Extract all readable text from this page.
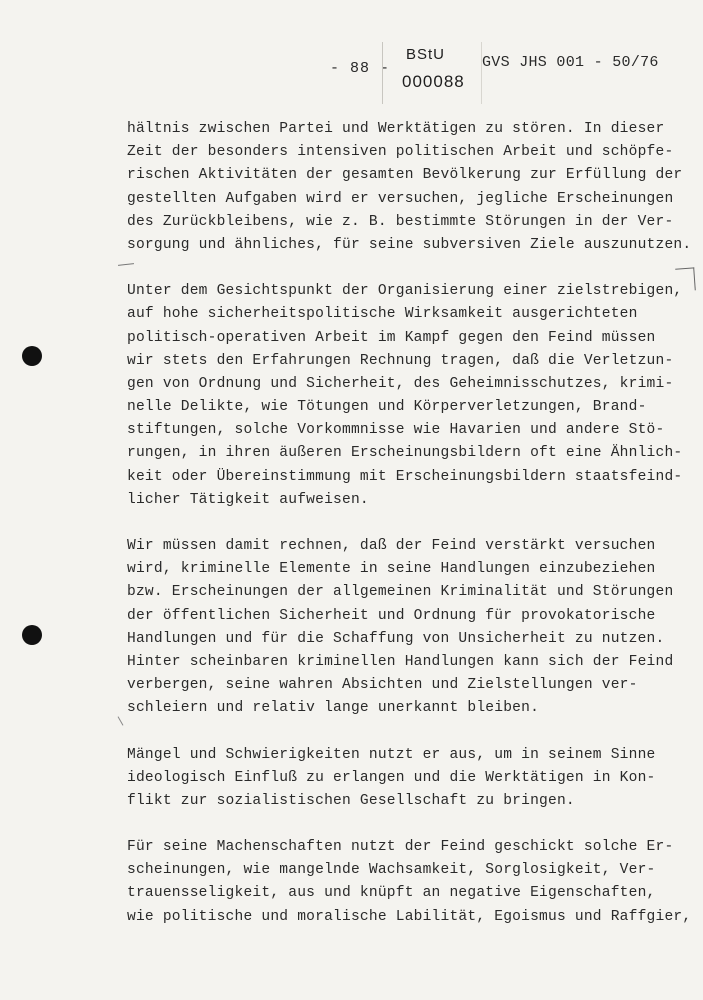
- 88 -
BStU
000088
GVS JHS 001 - 50/76
hältnis zwischen Partei und Werktätigen zu stören. In dieser
Zeit der besonders intensiven politischen Arbeit und schöpfe-
rischen Aktivitäten der gesamten Bevölkerung zur Erfüllung der
gestellten Aufgaben wird er versuchen, jegliche Erscheinungen
des Zurückbleibens, wie z. B. bestimmte Störungen in der Ver-
sorgung und ähnliches, für seine subversiven Ziele auszunutzen.
Unter dem Gesichtspunkt der Organisierung einer zielstrebigen,
auf hohe sicherheitspolitische Wirksamkeit ausgerichteten
politisch-operativen Arbeit im Kampf gegen den Feind müssen
wir stets den Erfahrungen Rechnung tragen, daß die Verletzun-
gen von Ordnung und Sicherheit, des Geheimnisschutzes, krimi-
nelle Delikte, wie Tötungen und Körperverletzungen, Brand-
stiftungen, solche Vorkommnisse wie Havarien und andere Stö-
rungen, in ihren äußeren Erscheinungsbildern oft eine Ähnlich-
keit oder Übereinstimmung mit Erscheinungsbildern staatsfeind-
licher Tätigkeit aufweisen.
Wir müssen damit rechnen, daß der Feind verstärkt versuchen
wird, kriminelle Elemente in seine Handlungen einzubeziehen
bzw. Erscheinungen der allgemeinen Kriminalität und Störungen
der öffentlichen Sicherheit und Ordnung für provokatorische
Handlungen und für die Schaffung von Unsicherheit zu nutzen.
Hinter scheinbaren kriminellen Handlungen kann sich der Feind
verbergen, seine wahren Absichten und Zielstellungen ver-
schleiern und relativ lange unerkannt bleiben.
Mängel und Schwierigkeiten nutzt er aus, um in seinem Sinne
ideologisch Einfluß zu erlangen und die Werktätigen in Kon-
flikt zur sozialistischen Gesellschaft zu bringen.
Für seine Machenschaften nutzt der Feind geschickt solche Er-
scheinungen, wie mangelnde Wachsamkeit, Sorglosigkeit, Ver-
trauensseligkeit, aus und knüpft an negative Eigenschaften,
wie politische und moralische Labilität, Egoismus und Raffgier,
